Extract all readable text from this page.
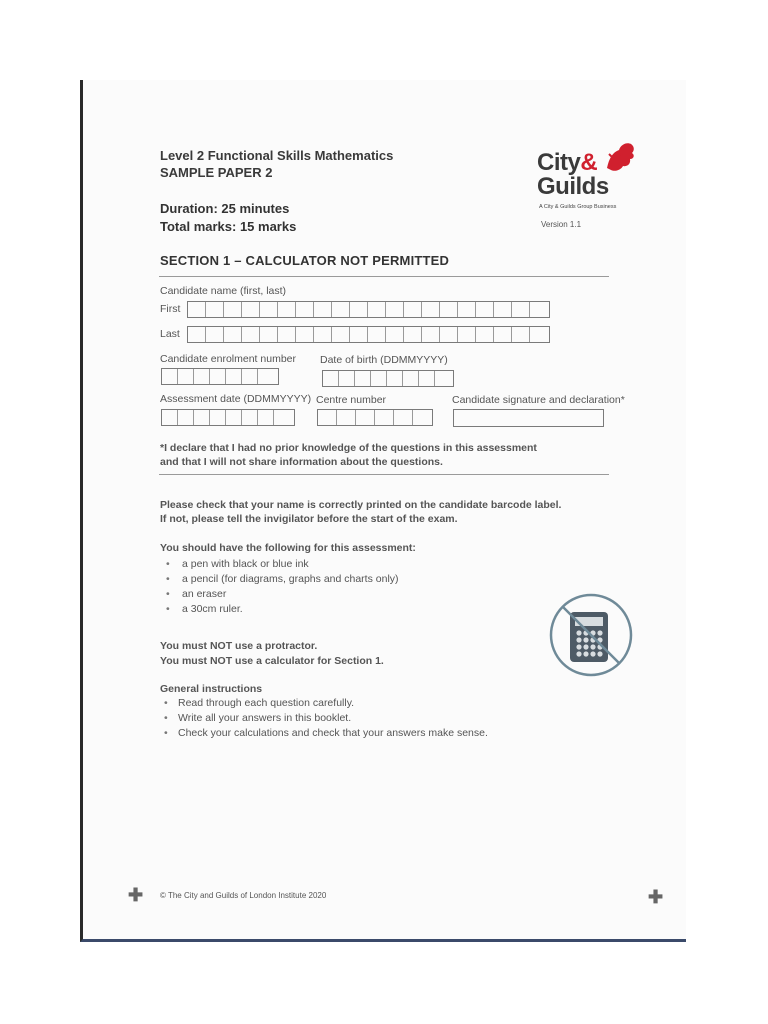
Level 2 Functional Skills Mathematics
SAMPLE PAPER 2
Duration: 25 minutes
Total marks: 15 marks
City&
Guilds
A City & Guilds Group Business
Version 1.1
SECTION 1 – CALCULATOR NOT PERMITTED
Candidate name (first, last)
First
Last
Candidate enrolment number Date of birth (DDMMYYYY)
Assessment date (DDMMYYYY) Centre number	Candidate signature and declaration*
*I declare that I had no prior knowledge of the questions in this assessment
and that I will not share information about the questions.
Please check that your name is correctly printed on the candidate barcode label.
If not, please tell the invigilator before the start of the exam.
You should have the following for this assessment:
• a pen with black or blue ink
• a pencil (for diagrams, graphs and charts only)
• an eraser
• a 30cm ruler.
You must NOT use a protractor.
You must NOT use a calculator for Section 1.
General instructions
• Read through each question carefully.
• Write all your answers in this booklet.
• Check your calculations and check that your answers make sense.
✚ © The City and Guilds of London Institute 2020	✚
